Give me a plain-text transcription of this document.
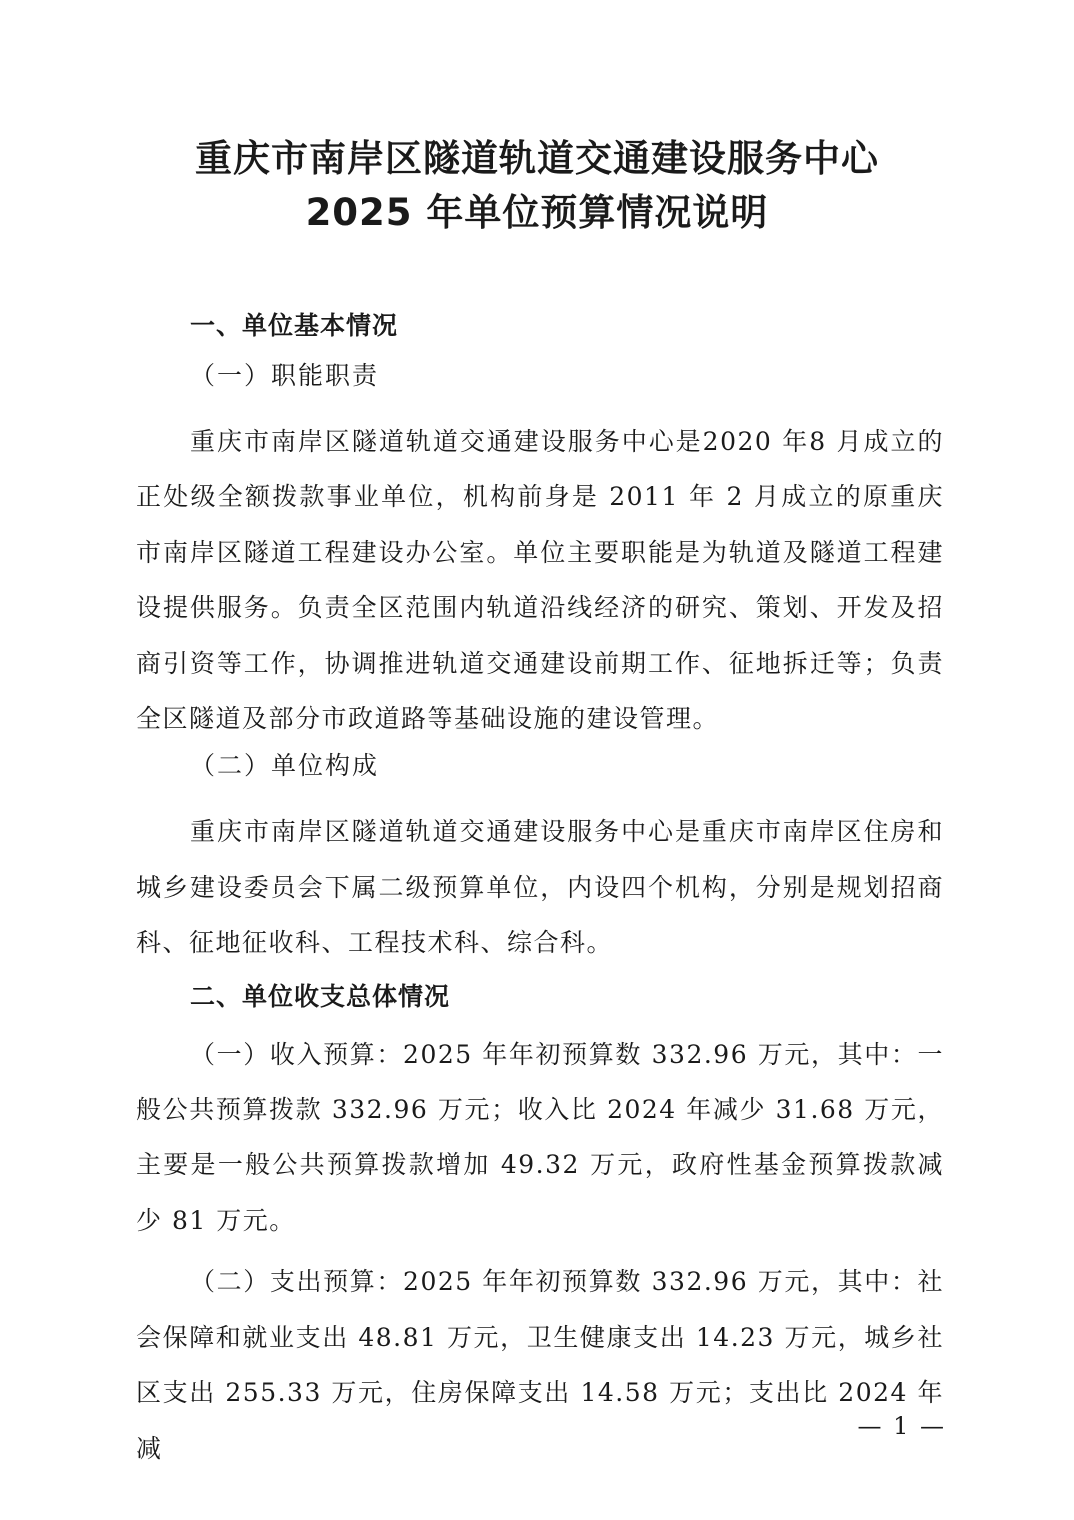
重庆市南岸区隧道轨道交通建设服务中心
2025 年单位预算情况说明

一、单位基本情况

（一）职能职责

重庆市南岸区隧道轨道交通建设服务中心是2020 年8 月成立的正处级全额拨款事业单位，机构前身是 2011 年 2 月成立的原重庆市南岸区隧道工程建设办公室。单位主要职能是为轨道及隧道工程建设提供服务。负责全区范围内轨道沿线经济的研究、策划、开发及招商引资等工作，协调推进轨道交通建设前期工作、征地拆迁等；负责全区隧道及部分市政道路等基础设施的建设管理。

（二）单位构成

重庆市南岸区隧道轨道交通建设服务中心是重庆市南岸区住房和城乡建设委员会下属二级预算单位，内设四个机构，分别是规划招商科、征地征收科、工程技术科、综合科。

二、单位收支总体情况

（一）收入预算：2025 年年初预算数 332.96 万元，其中：一般公共预算拨款 332.96 万元；收入比 2024 年减少 31.68 万元，主要是一般公共预算拨款增加 49.32 万元，政府性基金预算拨款减少 81 万元。

（二）支出预算：2025 年年初预算数 332.96 万元，其中：社会保障和就业支出 48.81 万元，卫生健康支出 14.23 万元，城乡社区支出 255.33 万元，住房保障支出 14.58 万元；支出比 2024 年减

— 1 —
